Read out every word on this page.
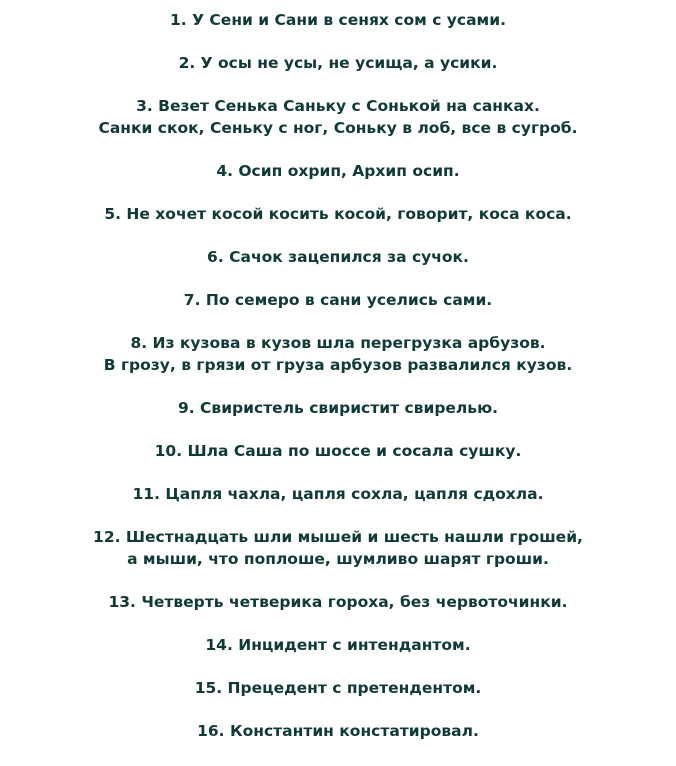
1. У Сени и Сани в сенях сом с усами.
2. У осы не усы, не усища, а усики.
3. Везет Сенька Саньку с Сонькой на санках.
Санки скок, Сеньку с ног, Соньку в лоб, все в сугроб.
4. Осип охрип, Архип осип.
5. Не хочет косой косить косой, говорит, коса коса.
6. Сачок зацепился за сучок.
7. По семеро в сани уселись сами.
8. Из кузова в кузов шла перегрузка арбузов.
В грозу, в грязи от груза арбузов развалился кузов.
9. Свиристель свиристит свирелью.
10. Шла Саша по шоссе и сосала сушку.
11. Цапля чахла, цапля сохла, цапля сдохла.
12. Шестнадцать шли мышей и шесть нашли грошей,
а мыши, что поплоше, шумливо шарят гроши.
13. Четверть четверика гороха, без червоточинки.
14. Инцидент с интендантом.
15. Прецедент с претендентом.
16. Константин констатировал.
